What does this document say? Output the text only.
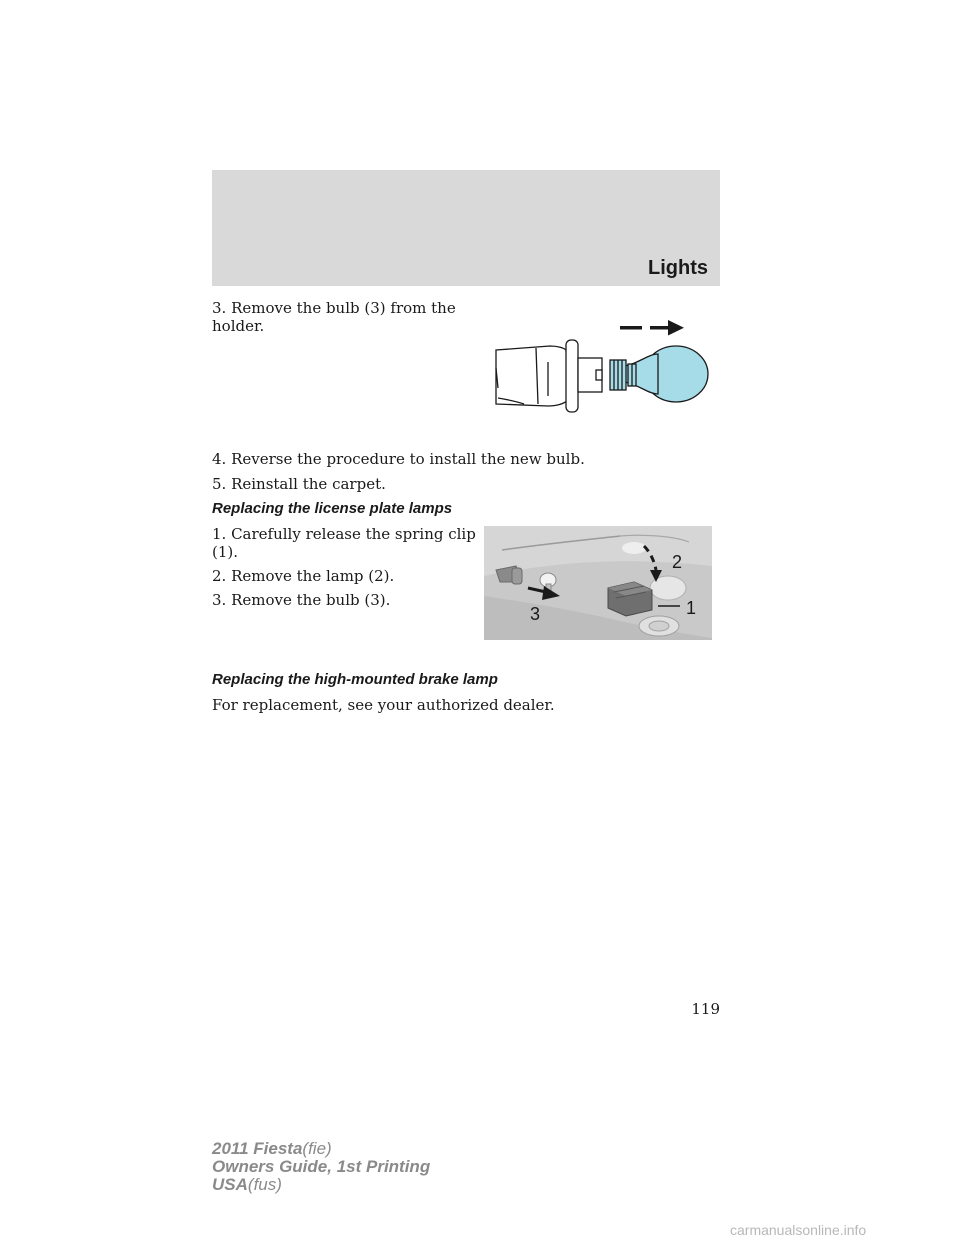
Lights

3. Remove the bulb (3) from the

holder.

4. Reverse the procedure to install the new bulb.

5. Reinstall the carpet.

Replacing the license plate lamps

1. Carefully release the spring clip

(1).

2. Remove the lamp (2).

3. Remove the bulb (3).

2
1
3
Replacing the high-mounted brake lamp

For replacement, see your authorized dealer.

119
2011 Fiesta(fie)
Owners Guide, 1st Printing
USA(fus)
carmanualsonline.info
